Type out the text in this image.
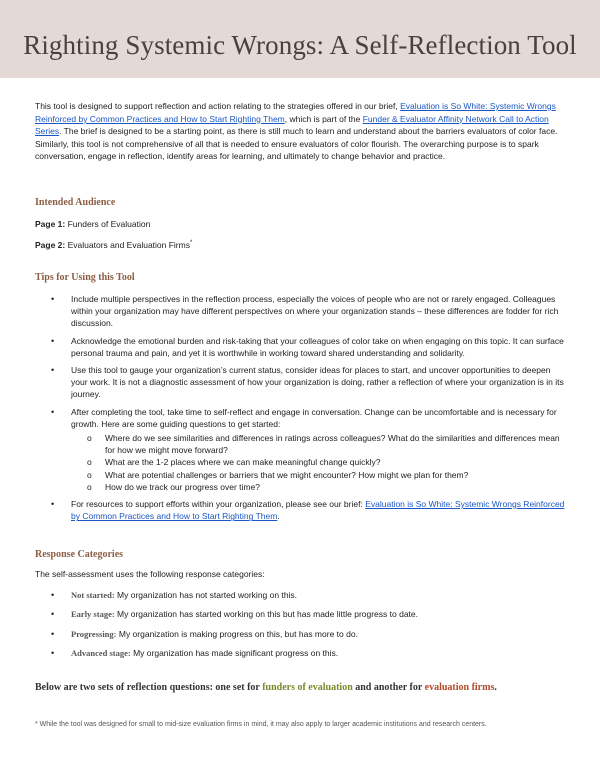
Righting Systemic Wrongs: A Self-Reflection Tool

This tool is designed to support reflection and action relating to the strategies offered in our brief, Evaluation is So White: Systemic Wrongs Reinforced by Common Practices and How to Start Righting Them, which is part of the Funder & Evaluator Affinity Network Call to Action Series. The brief is designed to be a starting point, as there is still much to learn and understand about the barriers evaluators of color face. Similarly, this tool is not comprehensive of all that is needed to ensure evaluators of color flourish. The overarching purpose is to spark conversation, engage in reflection, identify areas for learning, and ultimately to change behavior and practice.

Intended Audience
Page 1: Funders of Evaluation
Page 2: Evaluators and Evaluation Firms*
Tips for Using this Tool
• Include multiple perspectives in the reflection process, especially the voices of people who are not or rarely engaged. Colleagues within your organization may have different perspectives on where your organization stands – these differences are fodder for rich discussion.
• Acknowledge the emotional burden and risk-taking that your colleagues of color take on when engaging on this topic. It can surface personal trauma and pain, and yet it is worthwhile in working toward shared understanding and solidarity.
• Use this tool to gauge your organization’s current status, consider ideas for places to start, and uncover opportunities to deepen your work. It is not a diagnostic assessment of how your organization is doing, rather a reflection of where your organization is in its journey.
• After completing the tool, take time to self-reflect and engage in conversation. Change can be uncomfortable and is necessary for growth. Here are some guiding questions to get started:
o Where do we see similarities and differences in ratings across colleagues? What do the similarities and differences mean for how we might move forward?
o What are the 1-2 places where we can make meaningful change quickly?
o What are potential challenges or barriers that we might encounter? How might we plan for them?
o How do we track our progress over time?
• For resources to support efforts within your organization, please see our brief: Evaluation is So White: Systemic Wrongs Reinforced by Common Practices and How to Start Righting Them.
Response Categories

The self-assessment uses the following response categories:

• Not started: My organization has not started working on this.
• Early stage: My organization has started working on this but has made little progress to date.
• Progressing: My organization is making progress on this, but has more to do.
• Advanced stage: My organization has made significant progress on this.

Below are two sets of reflection questions: one set for funders of evaluation and another for evaluation firms.

* While the tool was designed for small to mid-size evaluation firms in mind, it may also apply to larger academic institutions and research centers.
